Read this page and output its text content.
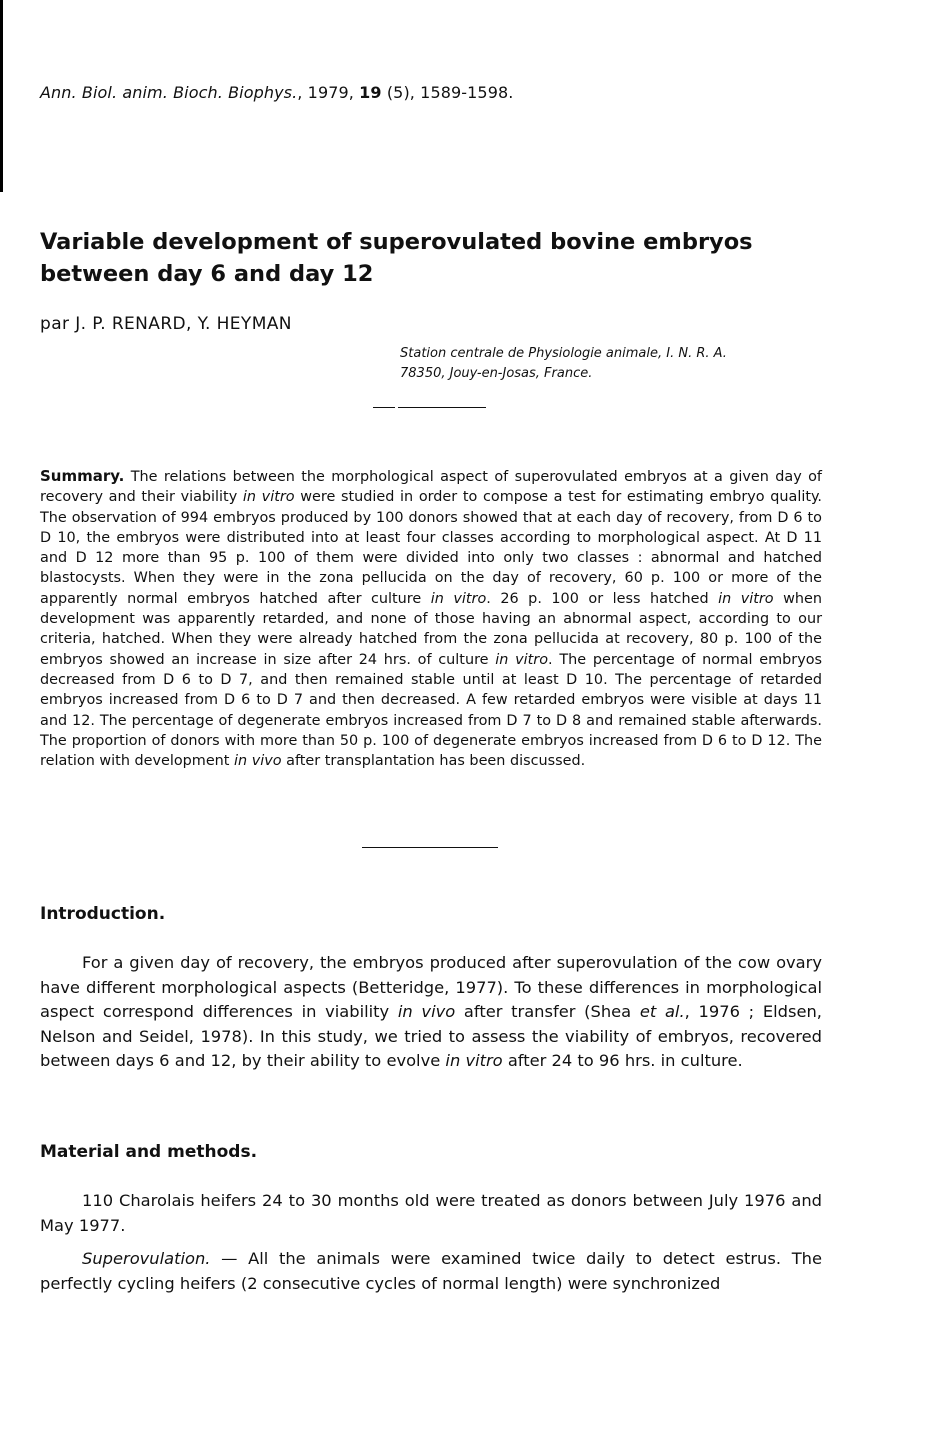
Ann. Biol. anim. Bioch. Biophys., 1979, 19 (5), 1589-1598.
Variable development of superovulated bovine embryos
between day 6 and day 12
par J. P. RENARD, Y. HEYMAN
Station centrale de Physiologie animale, I. N. R. A.
78350, Jouy-en-Josas, France.
Summary. The relations between the morphological aspect of superovulated embryos at a given day of recovery and their viability in vitro were studied in order to compose a test for estimating embryo quality. The observation of 994 embryos produced by 100 donors showed that at each day of recovery, from D 6 to D 10, the embryos were distributed into at least four classes according to morphological aspect. At D 11 and D 12 more than 95 p. 100 of them were divided into only two classes : abnormal and hatched blastocysts. When they were in the zona pellucida on the day of recovery, 60 p. 100 or more of the apparently normal embryos hatched after culture in vitro. 26 p. 100 or less hatched in vitro when development was apparently retarded, and none of those having an abnormal aspect, according to our criteria, hatched. When they were already hatched from the zona pellucida at recovery, 80 p. 100 of the embryos showed an increase in size after 24 hrs. of culture in vitro. The percentage of normal embryos decreased from D 6 to D 7, and then remained stable until at least D 10. The percentage of retarded embryos increased from D 6 to D 7 and then decreased. A few retarded embryos were visible at days 11 and 12. The percentage of degenerate embryos increased from D 7 to D 8 and remained stable afterwards. The proportion of donors with more than 50 p. 100 of degenerate embryos increased from D 6 to D 12. The relation with development in vivo after transplantation has been discussed.
Introduction.
For a given day of recovery, the embryos produced after superovulation of the cow ovary have different morphological aspects (Betteridge, 1977). To these differences in morphological aspect correspond differences in viability in vivo after transfer (Shea et al., 1976 ; Eldsen, Nelson and Seidel, 1978). In this study, we tried to assess the viability of embryos, recovered between days 6 and 12, by their ability to evolve in vitro after 24 to 96 hrs. in culture.
Material and methods.
110 Charolais heifers 24 to 30 months old were treated as donors between July 1976 and May 1977.
Superovulation. — All the animals were examined twice daily to detect estrus. The perfectly cycling heifers (2 consecutive cycles of normal length) were synchronized
